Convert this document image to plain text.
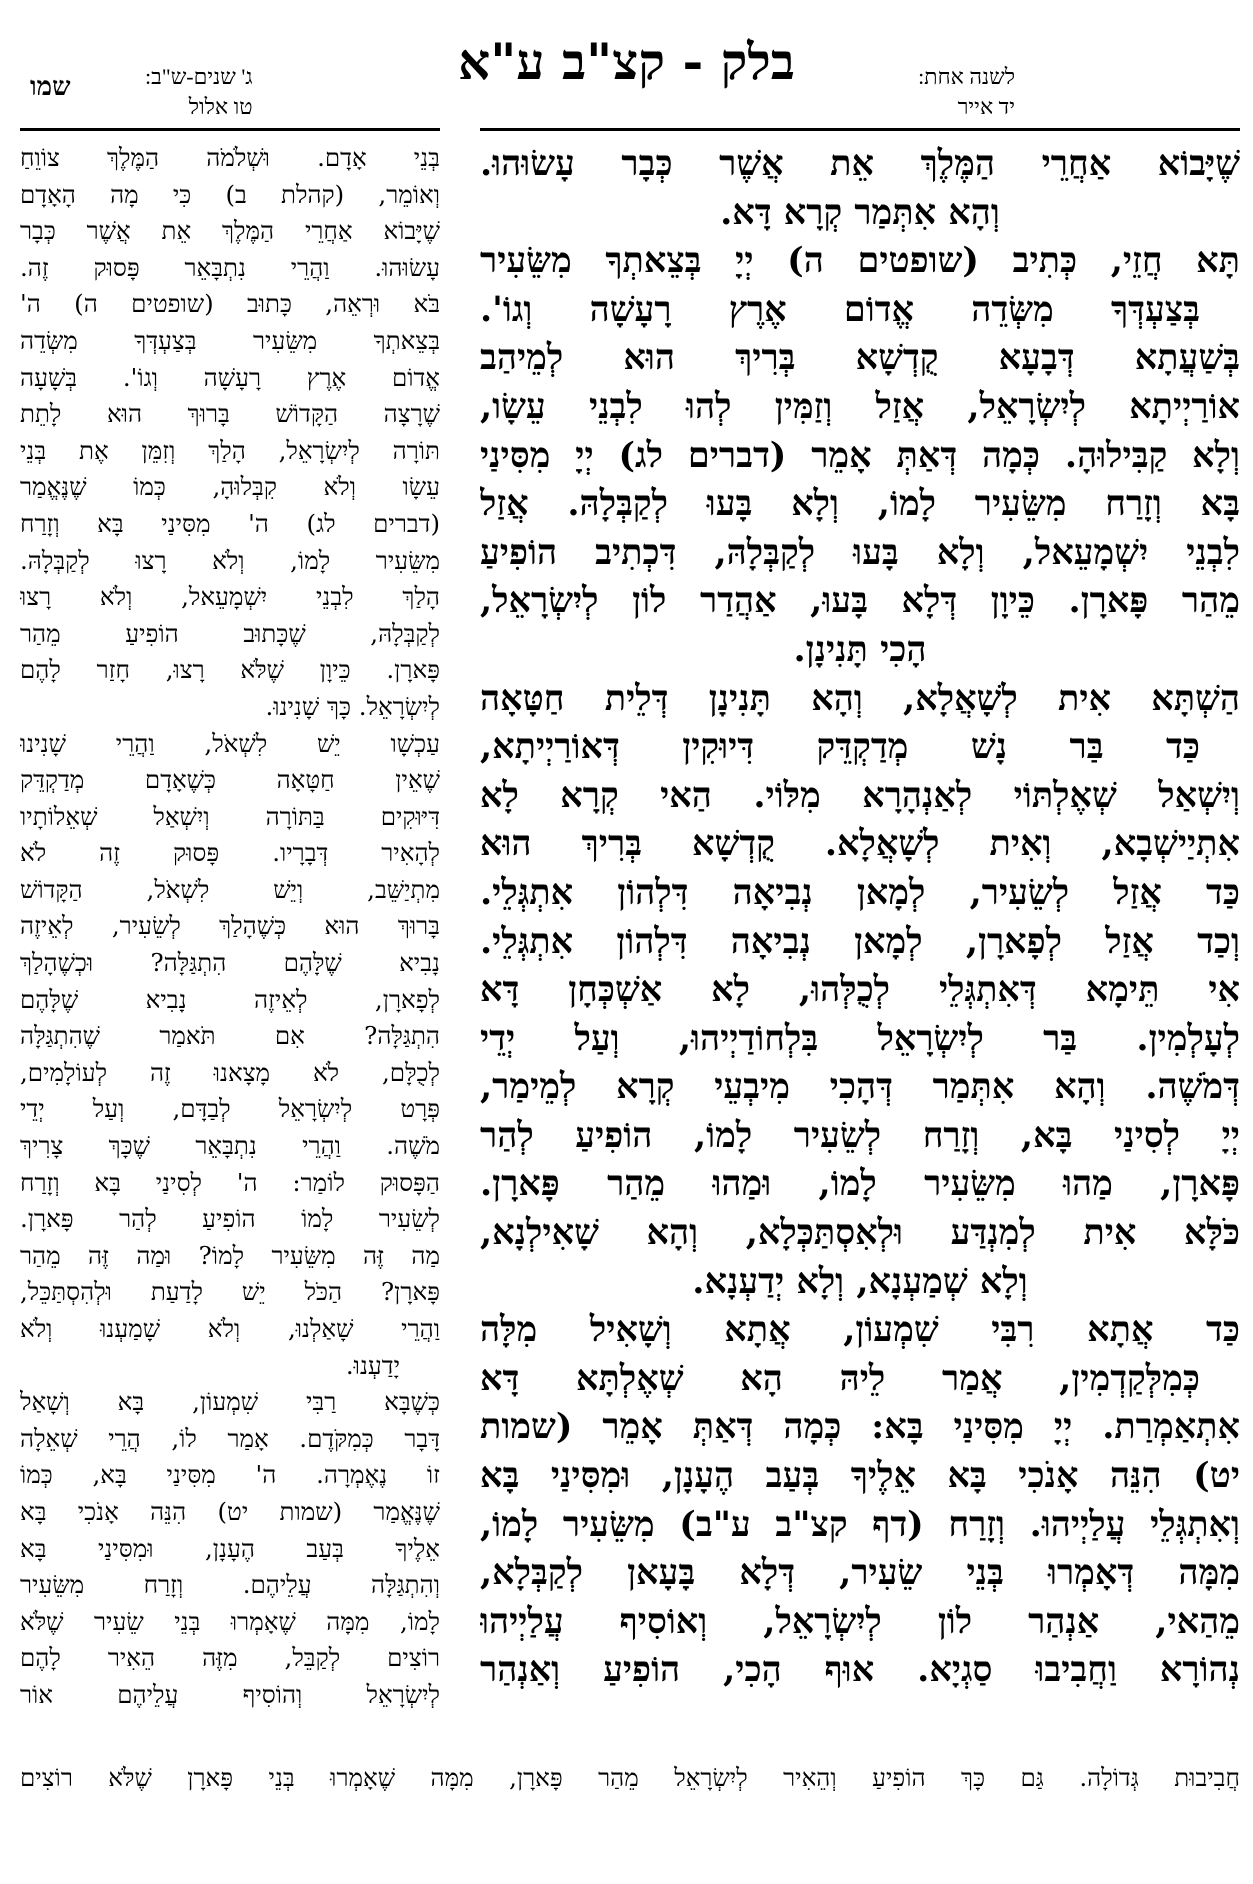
לשנה אחת:
יד אייר
בלק - קצ"ב ע"א
ג' שנים-ש"ב:
טו אלול
שמו
שֶׁיָּבוֹא אַחֲרֵי הַמֶּלֶךְ אֵת אֲשֶׁר כְּבָר עָשׂוּהוּ.
וְהָא אִתְּמַר קְרָא דָּא.
תָּא חֲזֵי, כְּתִיב (שופטים ה) יְיָ בְּצֵאתְךָ מִשֵּׂעִיר
בְּצַעְדְּךָ מִשְּׂדֵה אֱדוֹם אֶרֶץ רָעָשָׁה וְגוֹ'.
בְּשַׁעֲתָא דְּבָעָא קֻדְשָׁא בְּרִיךְ הוּא לְמֵיהַב
אוֹרַיְיתָא לְיִשְׂרָאֵל, אֲזַל וְזַמִּין לְהוּ לִבְנֵי עֵשָׂו,
וְלָא קַבִּילוּהָ. כְּמָה דְּאַתְּ אָמֵר (דברים לג) יְיָ מִסִּינַי
בָּא וְזָרַח מִשֵּׂעִיר לָמוֹ, וְלָא בָּעוּ לְקַבְּלָהּ. אֲזַל
לִבְנֵי יִשְׁמָעֵאל, וְלָא בָּעוּ לְקַבְּלָהּ, דִּכְתִיב הוֹפִיעַ
מֵהַר פָּארָן. כֵּיוָן דְּלָא בָּעוּ, אַהֲדַר לוֹן לְיִשְׂרָאֵל,
הָכִי תָּנִינָן.
הַשְׁתָּא אִית לְשָׁאֲלָא, וְהָא תָּנִינָן דְּלֵית חַטָּאָה
כַּד בַּר נָשׁ מְדַקְדֵּק דִּיוּקִין דְּאוֹרַיְיתָא,
וְיִשְׁאַל שְׁאֶלְתּוֹי לְאַנְהָרָא מִלּוֹי. הַאי קְרָא לָא
אִתְיַישְׁבָא, וְאִית לְשָׁאֲלָא. קֻדְשָׁא בְּרִיךְ הוּא
כַּד אֲזַל לְשֵׂעִיר, לְמָאן נְבִיאָה דִּלְהוֹן אִתְגְּלֵי.
וְכַד אֲזַל לְפָארָן, לְמָאן נְבִיאָה דִּלְהוֹן אִתְגְּלֵי.
אִי תֵּימָא דְּאִתְגְּלֵי לְכֻלְּהוּ, לָא אַשְׁכְּחָן דָּא
לְעָלְמִין. בַּר לְיִשְׂרָאֵל בִּלְחוֹדַיְיהוּ, וְעַל יְדֵי
דְּמֹשֶׁה. וְהָא אִתְּמַר דְּהָכִי מִיבְעֵי קְרָא לְמֵימַר,
יְיָ לְסִינַי בָּא, וְזָרַח לְשֵׂעִיר לָמוֹ, הוֹפִיעַ לְהַר
פָּארָן, מַהוּ מִשֵּׂעִיר לָמוֹ, וּמַהוּ מֵהַר פָּארָן.
כֹּלָּא אִית לְמִנְדַּע וּלְאִסְתַּכְּלָא, וְהָא שָׁאִילְנָא,
וְלָא שְׁמַעְנָא, וְלָא יְדַעְנָא.
כַּד אֲתָא רִבִּי שִׁמְעוֹן, אֲתָא וְשָׁאִיל מִלָּה
כְּמִלְּקַדְמִין, אֲמַר לֵיהּ הָא שְׁאֶלְתָּא דָּא
אִתְאַמְרַת. יְיָ מִסִּינַי בָּא: כְּמָה דְּאַתְּ אָמֵר (שמות
יט) הִנֵּה אָנֹכִי בָּא אֵלֶיךָ בְּעַב הֶעָנָן, וּמִסִּינַי בָּא
וְאִתְגְּלֵי עֲלַיְיהוּ. וְזָרַח (דף קצ"ב ע"ב) מִשֵּׂעִיר לָמוֹ,
מִמָּה דְּאָמְרוּ בְּנֵי שֵׂעִיר, דְּלָא בָּעָאן לְקַבְּלָא,
מֵהַאי, אַנְהַר לוֹן לְיִשְׂרָאֵל, וְאוֹסִיף עֲלַיְיהוּ
נְהוֹרָא וַחֲבִיבוּ סַגְיָא. אוּף הָכִי, הוֹפִיעַ וְאַנְהַר
בְּנֵי אָדָם. וּשְׁלֹמֹה הַמֶּלֶךְ צוֹוֵחַ
וְאוֹמֵר, (קהלת ב) כִּי מָה הָאָדָם
שֶׁיָּבוֹא אַחֲרֵי הַמֶּלֶךְ אֵת אֲשֶׁר כְּבָר
עָשׂוּהוּ. וַהֲרֵי נִתְבָּאֵר פָּסוּק זֶה.
בֹּא וּרְאֵה, כָּתוּב (שופטים ה) ה'
בְּצֵאתְךָ מִשֵּׂעִיר בְּצַעְדְּךָ מִשְּׂדֵה
אֱדוֹם אֶרֶץ רָעָשָׁה וְגוֹ'. בְּשָׁעָה
שֶׁרָצָה הַקָּדוֹשׁ בָּרוּךְ הוּא לָתֵת
תּוֹרָה לְיִשְׂרָאֵל, הָלַךְ וְזִמֵּן אֶת בְּנֵי
עֵשָׂו וְלֹא קִבְּלוּהָ, כְּמוֹ שֶׁנֶּאֱמַר
(דברים לג) ה' מִסִּינַי בָּא וְזָרַח
מִשֵּׂעִיר לָמוֹ, וְלֹא רָצוּ לְקַבְּלָהּ.
הָלַךְ לִבְנֵי יִשְׁמָעֵאל, וְלֹא רָצוּ
לְקַבְּלָהּ, שֶׁכָּתוּב הוֹפִיעַ מֵהַר
פָּארָן. כֵּיוָן שֶׁלֹּא רָצוּ, חָזַר לָהֶם
לְיִשְׂרָאֵל. כָּךְ שָׁנִינוּ.
עַכְשָׁו יֵשׁ לִשְׁאֹל, וַהֲרֵי שָׁנִינוּ
שֶׁאֵין חַטָּאָה כְּשֶׁאָדָם מְדַקְדֵּק
דִּיּוּקִים בַּתּוֹרָה וְיִשְׁאַל שְׁאֵלוֹתָיו
לְהָאִיר דְּבָרָיו. פָּסוּק זֶה לֹא
מִתְיַשֵּׁב, וְיֵשׁ לִשְׁאֹל, הַקָּדוֹשׁ
בָּרוּךְ הוּא כְּשֶׁהָלַךְ לְשֵׂעִיר, לְאֵיזֶה
נָבִיא שֶׁלָּהֶם הִתְגַּלָּה? וּכְשֶׁהָלַךְ
לְפָארָן, לְאֵיזֶה נָבִיא שֶׁלָּהֶם
הִתְגַּלָּה? אִם תֹּאמַר שֶׁהִתְגַּלָּה
לְכֻלָּם, לֹא מָצָאנוּ זֶה לְעוֹלָמִים,
פְּרָט לְיִשְׂרָאֵל לְבַדָּם, וְעַל יְדֵי
מֹשֶׁה. וַהֲרֵי נִתְבָּאֵר שֶׁכָּךְ צָרִיךְ
הַפָּסוּק לוֹמַר: ה' לְסִינַי בָּא וְזָרַח
לְשֵׂעִיר לָמוֹ הוֹפִיעַ לְהַר פָּארָן.
מַה זֶּה מִשֵּׂעִיר לָמוֹ? וּמַה זֶּה מֵהַר
פָּארָן? הַכֹּל יֵשׁ לָדַעַת וּלְהִסְתַּכֵּל,
וַהֲרֵי שָׁאַלְנוּ, וְלֹא שָׁמַעְנוּ וְלֹא
יָדַעְנוּ.
כְּשֶׁבָּא רַבִּי שִׁמְעוֹן, בָּא וְשָׁאַל
דָּבָר כְּמִקֹּדֶם. אָמַר לוֹ, הֲרֵי שְׁאֵלָה
זוֹ נֶאֶמְרָה. ה' מִסִּינַי בָּא, כְּמוֹ
שֶׁנֶּאֱמַר (שמות יט) הִנֵּה אָנֹכִי בָּא
אֵלֶיךָ בְּעַב הֶעָנָן, וּמִסִּינַי בָּא
וְהִתְגַּלָּה עֲלֵיהֶם. וְזָרַח מִשֵּׂעִיר
לָמוֹ, מִמָּה שֶׁאָמְרוּ בְּנֵי שֵׂעִיר שֶׁלֹּא
רוֹצִים לְקַבֵּל, מִזֶּה הֵאִיר לָהֶם
לְיִשְׂרָאֵל וְהוֹסִיף עֲלֵיהֶם אוֹר
חֲבִיבוּת גְּדוֹלָה. גַּם כָּךְ הוֹפִיעַ וְהֵאִיר לְיִשְׂרָאֵל מֵהַר פָּארָן, מִמָּה שֶׁאָמְרוּ בְּנֵי פָּארָן שֶׁלֹּא רוֹצִים
